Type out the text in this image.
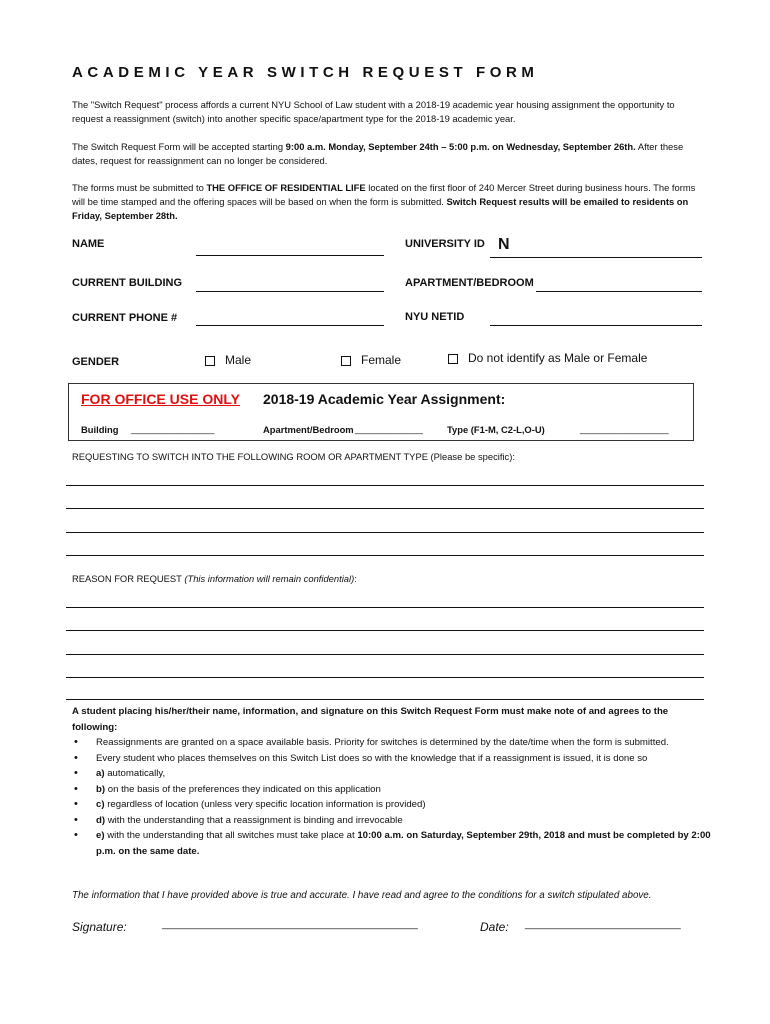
ACADEMIC YEAR SWITCH REQUEST FORM
The "Switch Request" process affords a current NYU School of Law student with a 2018-19 academic year housing assignment the opportunity to request a reassignment (switch) into another specific space/apartment type for the 2018-19 academic year.
The Switch Request Form will be accepted starting 9:00 a.m. Monday, September 24th – 5:00 p.m. on Wednesday, September 26th. After these dates, request for reassignment can no longer be considered.
The forms must be submitted to THE OFFICE OF RESIDENTIAL LIFE located on the first floor of 240 Mercer Street during business hours. The forms will be time stamped and the offering spaces will be based on when the form is submitted. Switch Request results will be emailed to residents on Friday, September 28th.
NAME	UNIVERSITY ID N
CURRENT BUILDING	APARTMENT/BEDROOM
CURRENT PHONE #	NYU NETID
GENDER	Male	Female	Do not identify as Male or Female
FOR OFFICE USE ONLY 2018-19 Academic Year Assignment:
Building ________________	Apartment/Bedroom _____________	Type (F1-M, C2-L,O-U)	_________________
REQUESTING TO SWITCH INTO THE FOLLOWING ROOM OR APARTMENT TYPE (Please be specific):
REASON FOR REQUEST (This information will remain confidential):
A student placing his/her/their name, information, and signature on this Switch Request Form must make note of and agrees to the following:
• Reassignments are granted on a space available basis. Priority for switches is determined by the date/time when the form is submitted.
• Every student who places themselves on this Switch List does so with the knowledge that if a reassignment is issued, it is done so
• a) automatically,
• b) on the basis of the preferences they indicated on this application
• c) regardless of location (unless very specific location information is provided)
• d) with the understanding that a reassignment is binding and irrevocable
• e) with the understanding that all switches must take place at 10:00 a.m. on Saturday, September 29th, 2018 and must be completed by 2:00 p.m. on the same date.
The information that I have provided above is true and accurate. I have read and agree to the conditions for a switch stipulated above.
Signature:	______________________________________________	Date: ____________________________
